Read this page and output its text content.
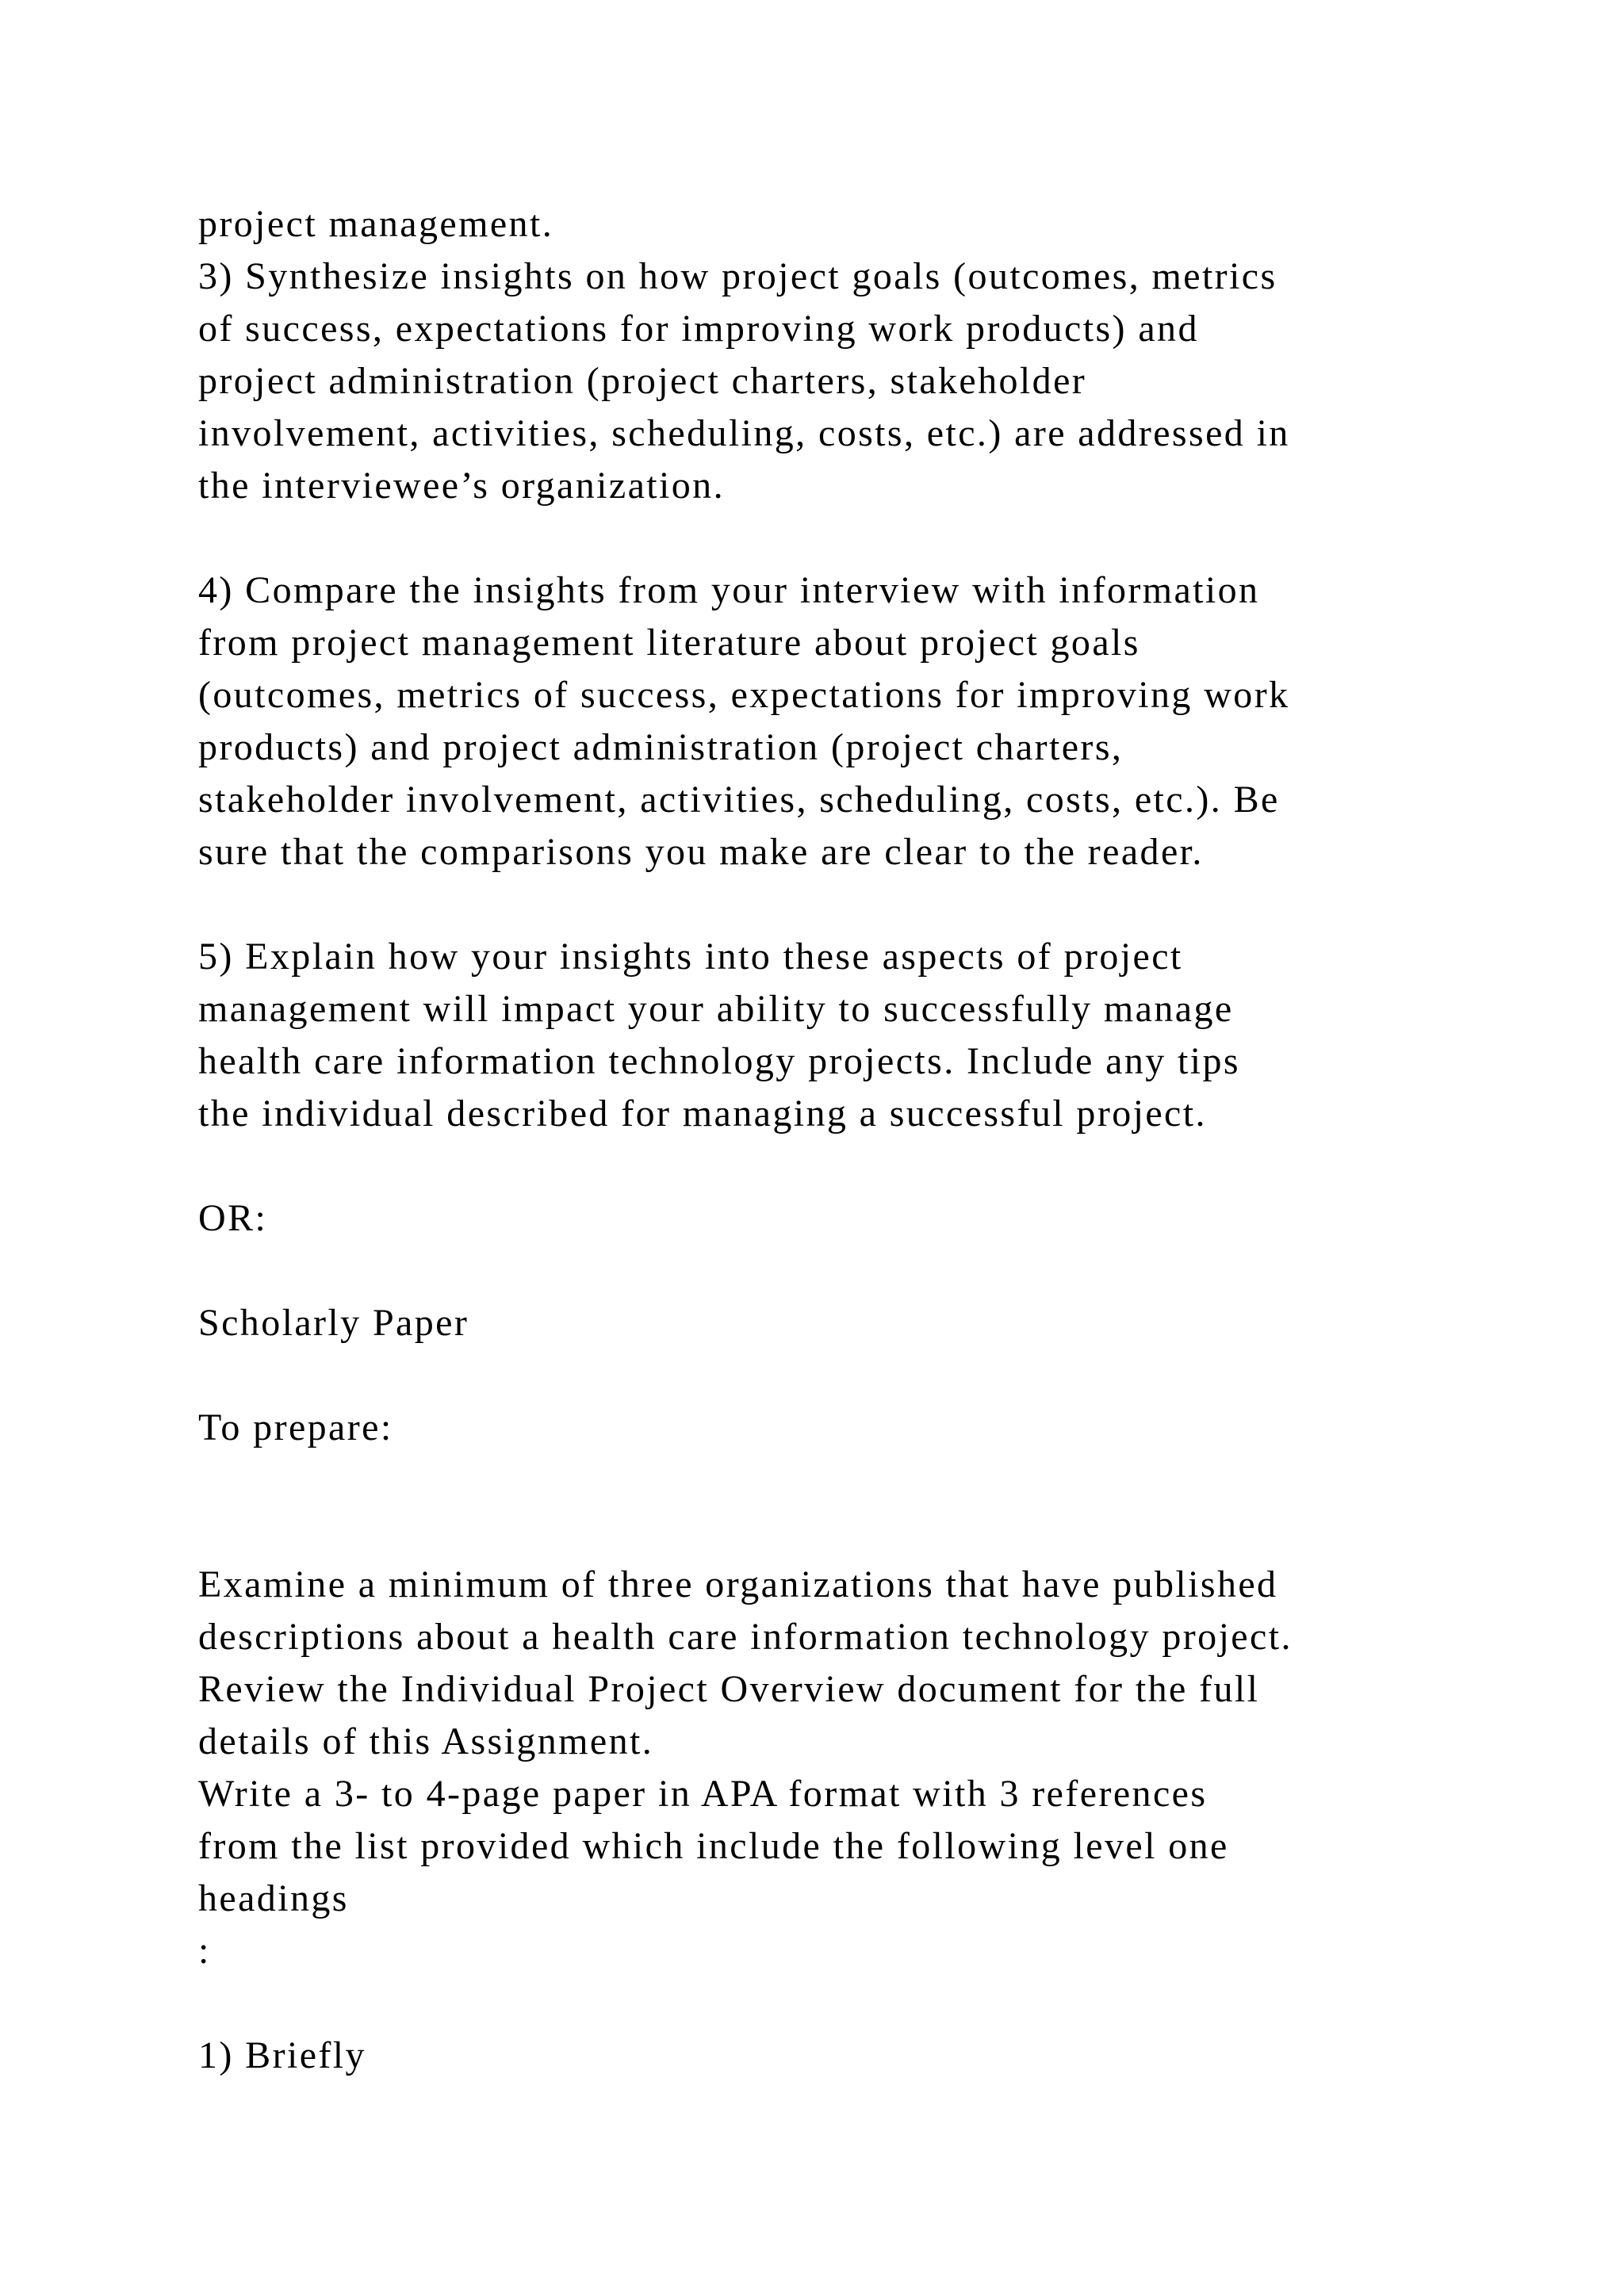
project management.
3) Synthesize insights on how project goals (outcomes, metrics
of success, expectations for improving work products) and
project administration (project charters, stakeholder
involvement, activities, scheduling, costs, etc.) are addressed in
the interviewee’s organization.
4) Compare the insights from your interview with information
from project management literature about project goals
(outcomes, metrics of success, expectations for improving work
products) and project administration (project charters,
stakeholder involvement, activities, scheduling, costs, etc.). Be
sure that the comparisons you make are clear to the reader.
5) Explain how your insights into these aspects of project
management will impact your ability to successfully manage
health care information technology projects. Include any tips
the individual described for managing a successful project.
OR:
Scholarly Paper
To prepare:
Examine a minimum of three organizations that have published
descriptions about a health care information technology project.
Review the Individual Project Overview document for the full
details of this Assignment.
Write a 3- to 4-page paper in APA format with 3 references
from the list provided which include the following level one
headings
:
1) Briefly
